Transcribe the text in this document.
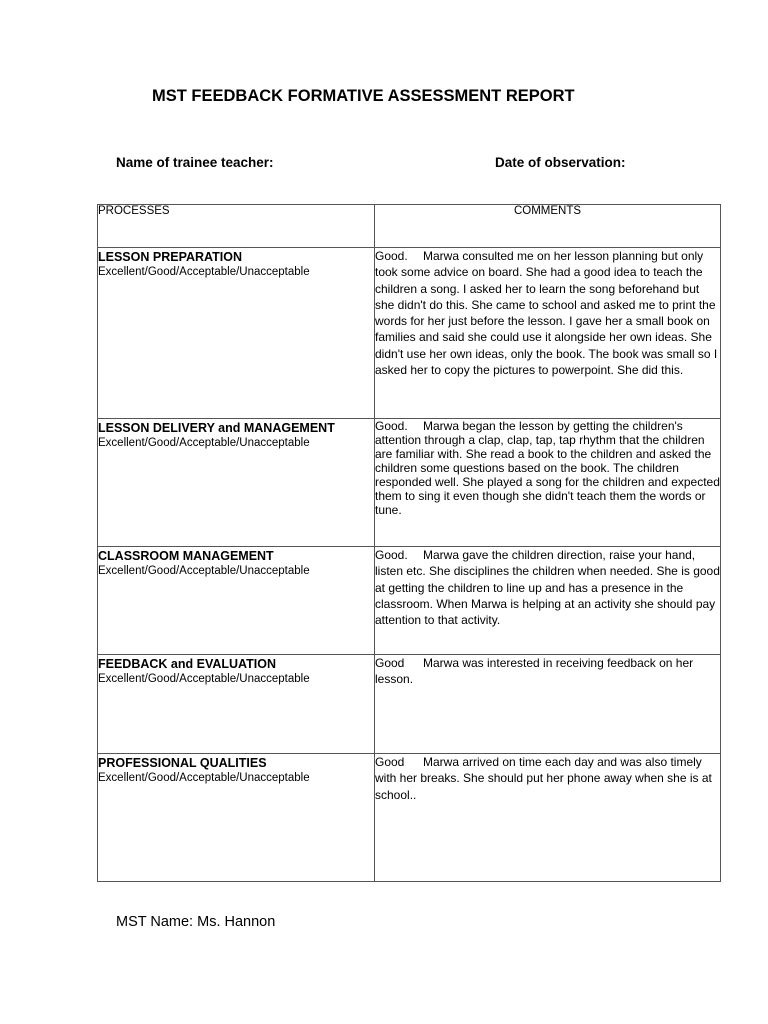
MST FEEDBACK FORMATIVE ASSESSMENT REPORT
Name of trainee teacher:	Date of observation:
PROCESSES	COMMENTS

LESSON PREPARATION
Excellent/Good/Acceptable/Unacceptable	Good. Marwa consulted me on her lesson planning but only took some advice on board. She had a good idea to teach the children a song. I asked her to learn the song beforehand but she didn't do this. She came to school and asked me to print the words for her just before the lesson. I gave her a small book on families and said she could use it alongside her own ideas. She didn't use her own ideas, only the book. The book was small so I asked her to copy the pictures to powerpoint. She did this.

LESSON DELIVERY and MANAGEMENT
Excellent/Good/Acceptable/Unacceptable	Good. Marwa began the lesson by getting the children's attention through a clap, clap, tap, tap rhythm that the children are familiar with. She read a book to the children and asked the children some questions based on the book. The children responded well. She played a song for the children and expected them to sing it even though she didn't teach them the words or tune.

CLASSROOM MANAGEMENT
Excellent/Good/Acceptable/Unacceptable	Good. Marwa gave the children direction, raise your hand, listen etc. She disciplines the children when needed. She is good at getting the children to line up and has a presence in the classroom. When Marwa is helping at an activity she should pay attention to that activity.

FEEDBACK and EVALUATION
Excellent/Good/Acceptable/Unacceptable	Good Marwa was interested in receiving feedback on her lesson.

PROFESSIONAL QUALITIES
Excellent/Good/Acceptable/Unacceptable	Good Marwa arrived on time each day and was also timely with her breaks. She should put her phone away when she is at school..
MST Name: Ms. Hannon
